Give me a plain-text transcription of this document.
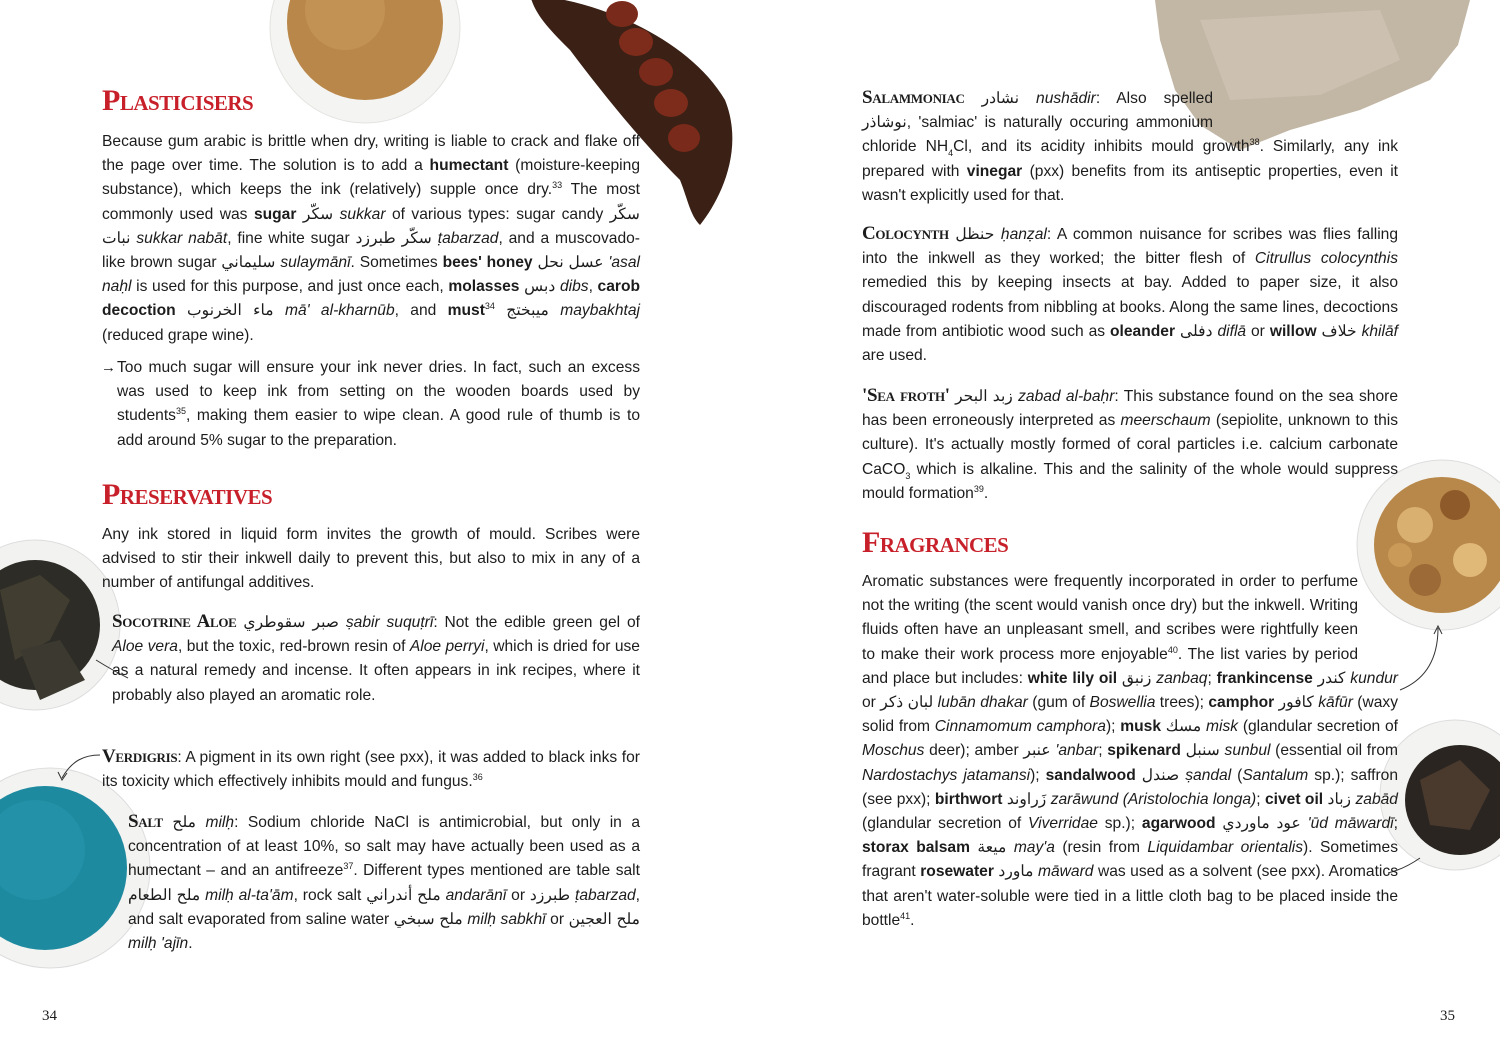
Plasticisers
Because gum arabic is brittle when dry, writing is liable to crack and flake off the page over time. The solution is to add a humectant (moisture-keeping substance), which keeps the ink (relatively) supple once dry.$^{33}$ The most commonly used was sugar سكّر sukkar of various types: sugar candy سكّر نبات sukkar nabāt, fine white sugar سكّر طبرزد ṭabarzad, and a muscovado-like brown sugar سليماني sulaymānī. Sometimes bees' honey عسل نحل 'asal naḥl is used for this purpose, and just once each, molasses دبس dibs, carob decoction ماء الخرنوب mā' al-kharnūb, and must$^{34}$ ميبختج maybakhtaj (reduced grape wine).
→ Too much sugar will ensure your ink never dries. In fact, such an excess was used to keep ink from setting on the wooden boards used by students$^{35}$, making them easier to wipe clean. A good rule of thumb is to add around 5% sugar to the preparation.
Preservatives
Any ink stored in liquid form invites the growth of mould. Scribes were advised to stir their inkwell daily to prevent this, but also to mix in any of a number of antifungal additives.
Socotrine Aloe صبر سقوطري ṣabir suquṭrī: Not the edible green gel of Aloe vera, but the toxic, red-brown resin of Aloe perryi, which is dried for use as a natural remedy and incense. It often appears in ink recipes, where it probably also played an aromatic role.
Verdigris: A pigment in its own right (see pxx), it was added to black inks for its toxicity which effectively inhibits mould and fungus.$^{36}$
Salt ملح milḥ: Sodium chloride NaCl is antimicrobial, but only in a concentration of at least 10%, so salt may have actually been used as a humectant – and an antifreeze$^{37}$. Different types mentioned are table salt ملح الطعام milḥ al-ta'ām, rock salt ملح أندراني andarānī or طبرزد ṭabarzad, and salt evaporated from saline water ملح سبخي milḥ sabkhī or ملح العجين milḥ 'ajīn.
34
Salammoniac نشادر nushādir: Also spelled نوشاذر, 'salmiac' is naturally occuring ammonium chloride $NH_4Cl$, and its acidity inhibits mould growth$^{38}$. Similarly, any ink prepared with vinegar (pxx) benefits from its antiseptic properties, even it wasn't explicitly used for that.
Colocynth حنظل ḥanẓal: A common nuisance for scribes was flies falling into the inkwell as they worked; the bitter flesh of Citrullus colocynthis remedied this by keeping insects at bay. Added to paper size, it also discouraged rodents from nibbling at books. Along the same lines, decoctions made from antibiotic wood such as oleander دفلى diflā or willow خلاف khilāf are used.
'Sea froth' زبد البحر zabad al-baḥr: This substance found on the sea shore has been erroneously interpreted as meerschaum (sepiolite, unknown to this culture). It's actually mostly formed of coral particles i.e. calcium carbonate CaCO$_3$ which is alkaline. This and the salinity of the whole would suppress mould formation$^{39}$.
Fragrances
Aromatic substances were frequently incorporated in order to perfume not the writing (the scent would vanish once dry) but the inkwell. Writing fluids often have an unpleasant smell, and scribes were rightfully keen to make their work process more enjoyable$^{40}$. The list varies by period and place but includes: white lily oil زنبق zanbaq; frankincense كندر kundur or لبان ذكر lubān dhakar (gum of Boswellia trees); camphor كافور kāfūr (waxy solid from Cinnamomum camphora); musk مسك misk (glandular secretion of Moschus deer); amber عنبر 'anbar; spikenard سنبل sunbul (essential oil from Nardostachys jatamansi); sandalwood صندل ṣandal (Santalum sp.); saffron (see pxx); birthwort زَراوند zarāwund (Aristolochia longa); civet oil زباد zabād (glandular secretion of Viverridae sp.); agarwood عود ماوردي 'ūd māwardī; storax balsam ميعة may'a (resin from Liquidambar orientalis). Sometimes fragrant rosewater ماورد māward was used as a solvent (see pxx). Aromatics that aren't water-soluble were tied in a little cloth bag to be placed inside the bottle$^{41}$.
35
